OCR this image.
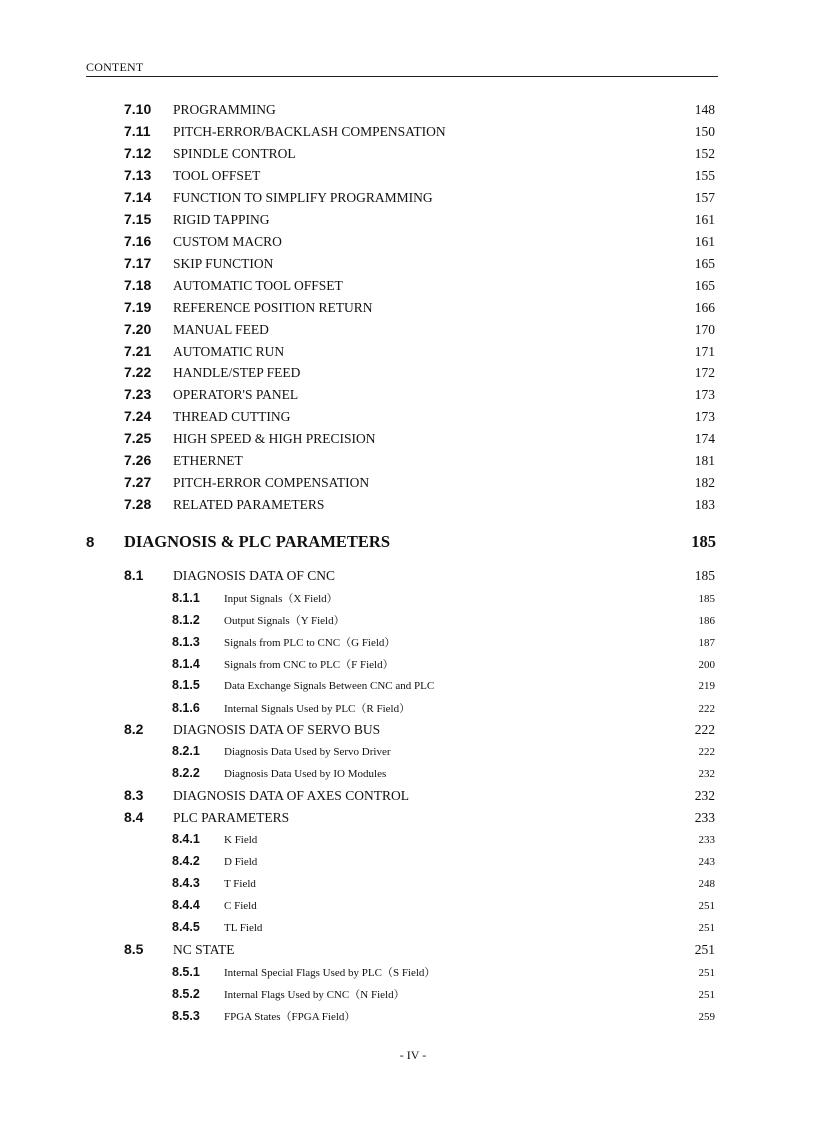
CONTENT
7.10	PROGRAMMING	148
7.11	PITCH-ERROR/BACKLASH COMPENSATION	150
7.12	SPINDLE CONTROL	152
7.13	TOOL OFFSET	155
7.14	FUNCTION TO SIMPLIFY PROGRAMMING	157
7.15	RIGID TAPPING	161
7.16	CUSTOM MACRO	161
7.17	SKIP FUNCTION	165
7.18	AUTOMATIC TOOL OFFSET	165
7.19	REFERENCE POSITION RETURN	166
7.20	MANUAL FEED	170
7.21	AUTOMATIC RUN	171
7.22	HANDLE/STEP FEED	172
7.23	OPERATOR'S PANEL	173
7.24	THREAD CUTTING	173
7.25	HIGH SPEED & HIGH PRECISION	174
7.26	ETHERNET	181
7.27	PITCH-ERROR COMPENSATION	182
7.28	RELATED PARAMETERS	183
8	DIAGNOSIS & PLC PARAMETERS	185
8.1	DIAGNOSIS DATA OF CNC	185
8.1.1	Input Signals（X Field）	185
8.1.2	Output Signals（Y Field）	186
8.1.3	Signals from PLC to CNC（G Field）	187
8.1.4	Signals from CNC to PLC（F Field）	200
8.1.5	Data Exchange Signals Between CNC and PLC	219
8.1.6	Internal Signals Used by PLC（R Field）	222
8.2	DIAGNOSIS DATA OF SERVO BUS	222
8.2.1	Diagnosis Data Used by Servo Driver	222
8.2.2	Diagnosis Data Used by IO Modules	232
8.3	DIAGNOSIS DATA OF AXES CONTROL	232
8.4	PLC PARAMETERS	233
8.4.1	K Field	233
8.4.2	D Field	243
8.4.3	T Field	248
8.4.4	C Field	251
8.4.5	TL Field	251
8.5	NC STATE	251
8.5.1	Internal Special Flags Used by PLC（S Field）	251
8.5.2	Internal Flags Used by CNC（N Field）	251
8.5.3	FPGA States（FPGA Field）	259
- IV -
